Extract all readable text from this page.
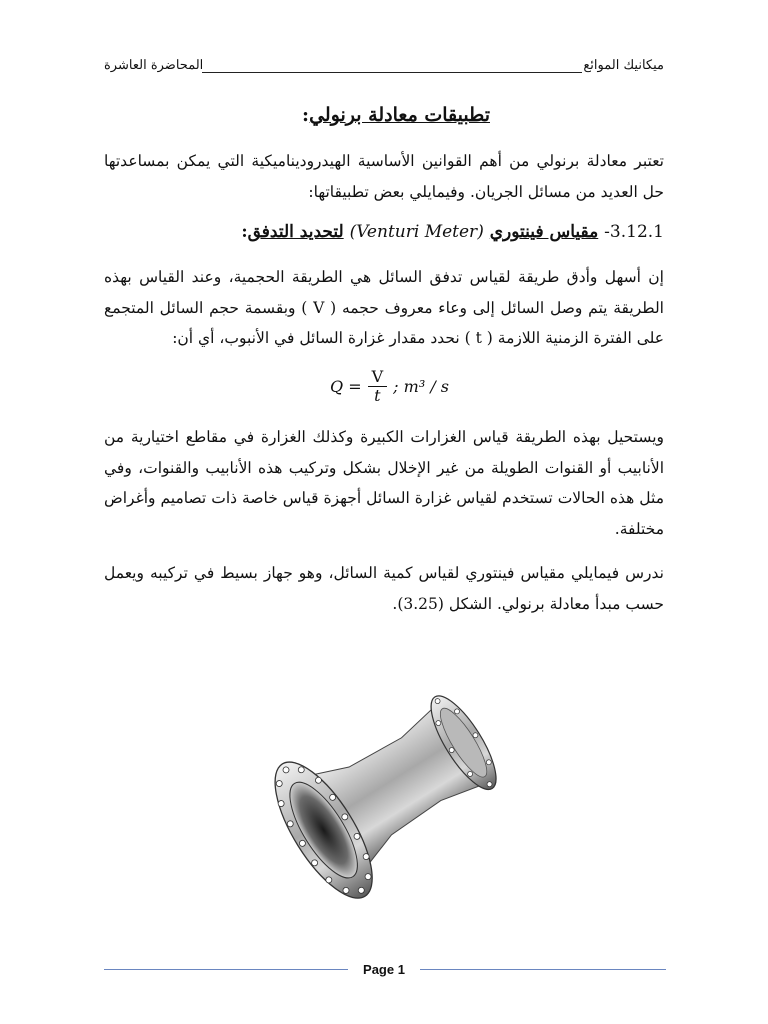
ميكانيك الموائع
المحاضرة العاشرة
تطبيقات معادلة برنولي:
تعتبر معادلة برنولي من أهم القوانين الأساسية الهيدروديناميكية التي يمكن بمساعدتها حل العديد من مسائل الجريان. وفيمايلي بعض تطبيقاتها:
3.12.1- مقياس فينتوري (Venturi Meter) لتحديد التدفق:
إن أسهل وأدق طريقة لقياس تدفق السائل هي الطريقة الحجمية، وعند القياس بهذه الطريقة يتم وصل السائل إلى وعاء معروف حجمه ( V ) وبقسمة حجم السائل المتجمع على الفترة الزمنية اللازمة ( t ) نحدد مقدار غزارة السائل في الأنبوب، أي أن:
$Q = \frac{V}{t}$ ; m³ / s
ويستحيل بهذه الطريقة قياس الغزارات الكبيرة وكذلك الغزارة في مقاطع اختيارية من الأنابيب أو القنوات الطويلة من غير الإخلال بشكل وتركيب هذه الأنابيب والقنوات، وفي مثل هذه الحالات تستخدم لقياس غزارة السائل أجهزة قياس خاصة ذات تصاميم وأغراض مختلفة.
ندرس فيمايلي مقياس فينتوري لقياس كمية السائل، وهو جهاز بسيط في تركيبه ويعمل حسب مبدأ معادلة برنولي. الشكل (3.25).
Page 1
